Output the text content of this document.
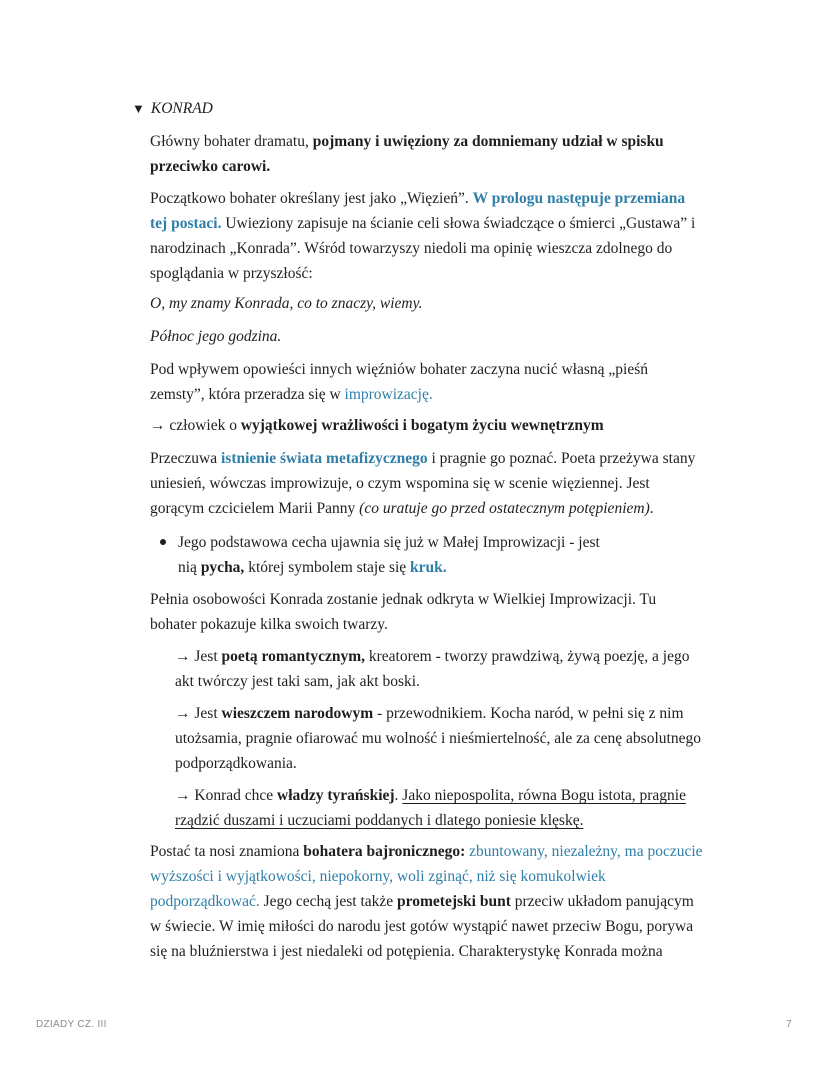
▼ KONRAD

Główny bohater dramatu, pojmany i uwięziony za domniemany udział w spisku
przeciwko carowi.

Początkowo bohater określany jest jako „Więzień”. W prologu następuje przemiana
tej postaci. Uwieziony zapisuje na ścianie celi słowa świadczące o śmierci „Gustawa” i
narodzinach „Konrada”. Wśród towarzyszy niedoli ma opinię wieszcza zdolnego do
spoglądania w przyszłość:

O, my znamy Konrada, co to znaczy, wiemy.

Północ jego godzina.

Pod wpływem opowieści innych więźniów bohater zaczyna nucić własną „pieśń
zemsty”, która przeradza się w improwizację.

→ człowiek o wyjątkowej wrażliwości i bogatym życiu wewnętrznym

Przeczuwa istnienie świata metafizycznego i pragnie go poznać. Poeta przeżywa stany
uniesień, wówczas improwizuje, o czym wspomina się w scenie więziennej. Jest
gorącym czcicielem Marii Panny (co uratuje go przed ostatecznym potępieniem).

Jego podstawowa cecha ujawnia się już w Małej Improwizacji - jest
nią pycha, której symbolem staje się kruk.

Pełnia osobowości Konrada zostanie jednak odkryta w Wielkiej Improwizacji. Tu
bohater pokazuje kilka swoich twarzy.

→ Jest poetą romantycznym, kreatorem - tworzy prawdziwą, żywą poezję, a jego
akt twórczy jest taki sam, jak akt boski.

→ Jest wieszczem narodowym - przewodnikiem. Kocha naród, w pełni się z nim
utożsamia, pragnie ofiarować mu wolność i nieśmiertelność, ale za cenę absolutnego
podporządkowania.

→ Konrad chce władzy tyrańskiej. Jako niepospolita, równa Bogu istota, pragnie
rządzić duszami i uczuciami poddanych i dlatego poniesie klęskę.

Postać ta nosi znamiona bohatera bajronicznego: zbuntowany, niezależny, ma poczucie
wyższości i wyjątkowości, niepokorny, woli zginąć, niż się komukolwiek
podporządkować. Jego cechą jest także prometejski bunt przeciw układom panującym
w świecie. W imię miłości do narodu jest gotów wystąpić nawet przeciw Bogu, porywa
się na bluźnierstwa i jest niedaleki od potępienia. Charakterystykę Konrada można

DZIADY CZ. III	7
